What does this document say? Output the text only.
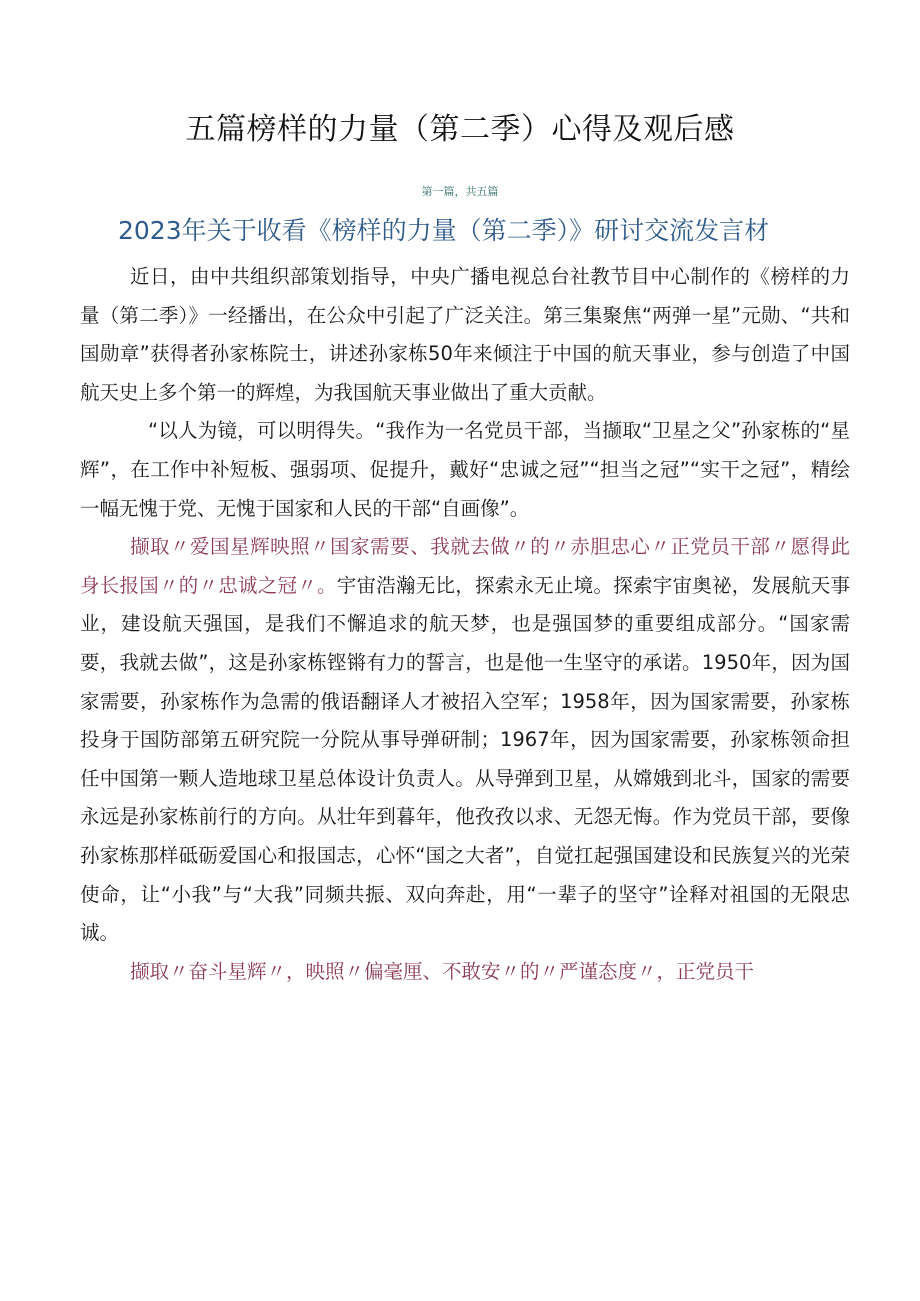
五篇榜样的力量（第二季）心得及观后感
第一篇，共五篇
2023年关于收看《榜样的力量（第二季）》研讨交流发言材

近日，由中共组织部策划指导，中央广播电视总台社教节目中心制作的《榜样的力量（第二季）》一经播出，在公众中引起了广泛关注。第三集聚焦“两弹一星”元勋、“共和国勋章”获得者孙家栋院士，讲述孙家栋50年来倾注于中国的航天事业，参与创造了中国航天史上多个第一的辉煌，为我国航天事业做出了重大贡献。

“以人为镜，可以明得失。“我作为一名党员干部，当撷取“卫星之父”孙家栋的“星辉”，在工作中补短板、强弱项、促提升，戴好“忠诚之冠”“担当之冠”“实干之冠”，精绘一幅无愧于党、无愧于国家和人民的干部“自画像”。

撷取〃爱国星辉映照〃国家需要、我就去做〃的〃赤胆忠心〃正党员干部〃愿得此身长报国〃的〃忠诚之冠〃。宇宙浩瀚无比，探索永无止境。探索宇宙奥祕，发展航天事业，建设航天强国，是我们不懈追求的航天梦，也是强国梦的重要组成部分。“国家需要，我就去做”，这是孙家栋铿锵有力的誓言，也是他一生坚守的承诺。1950年，因为国家需要，孙家栋作为急需的俄语翻译人才被招入空军；1958年，因为国家需要，孙家栋投身于国防部第五研究院一分院从事导弹研制；1967年，因为国家需要，孙家栋领命担任中国第一颗人造地球卫星总体设计负责人。从导弹到卫星，从嫦娥到北斗，国家的需要永远是孙家栋前行的方向。从壮年到暮年，他孜孜以求、无怨无悔。作为党员干部，要像孙家栋那样砥砺爱国心和报国志，心怀“国之大者”，自觉扛起强国建设和民族复兴的光荣使命，让“小我”与“大我”同频共振、双向奔赴，用“一辈子的坚守”诠释对祖国的无限忠诚。

撷取〃奋斗星辉〃，映照〃偏毫厘、不敢安〃的〃严谨态度〃，正党员干
